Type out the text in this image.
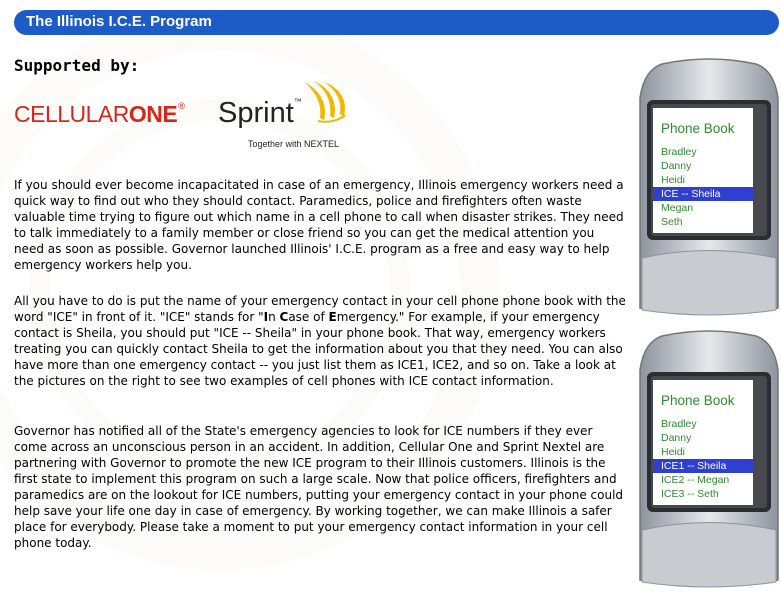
The Illinois I.C.E. Program
Supported by:
CELLULARONE® Sprint™
Together with NEXTEL

If you should ever become incapacitated in case of an emergency, Illinois emergency workers need a quick way to find out who they should contact. Paramedics, police and firefighters often waste valuable time trying to figure out which name in a cell phone to call when disaster strikes. They need to talk immediately to a family member or close friend so you can get the medical attention you need as soon as possible. Governor launched Illinois' I.C.E. program as a free and easy way to help emergency workers help you.

All you have to do is put the name of your emergency contact in your cell phone phone book with the word "ICE" in front of it. "ICE" stands for "In Case of Emergency." For example, if your emergency contact is Sheila, you should put "ICE -- Sheila" in your phone book. That way, emergency workers treating you can quickly contact Sheila to get the information about you that they need. You can also have more than one emergency contact -- you just list them as ICE1, ICE2, and so on. Take a look at the pictures on the right to see two examples of cell phones with ICE contact information.

Governor has notified all of the State's emergency agencies to look for ICE numbers if they ever come across an unconscious person in an accident. In addition, Cellular One and Sprint Nextel are partnering with Governor to promote the new ICE program to their Illinois customers. Illinois is the first state to implement this program on such a large scale. Now that police officers, firefighters and paramedics are on the lookout for ICE numbers, putting your emergency contact in your phone could help save your life one day in case of emergency. By working together, we can make Illinois a safer place for everybody. Please take a moment to put your emergency contact information in your cell phone today.

Phone Book
Bradley
Danny
Heidi
ICE -- Sheila
Megan
Seth
Phone Book
Bradley
Danny
Heidi
ICE1 -- Sheila
ICE2 -- Megan
ICE3 -- Seth
